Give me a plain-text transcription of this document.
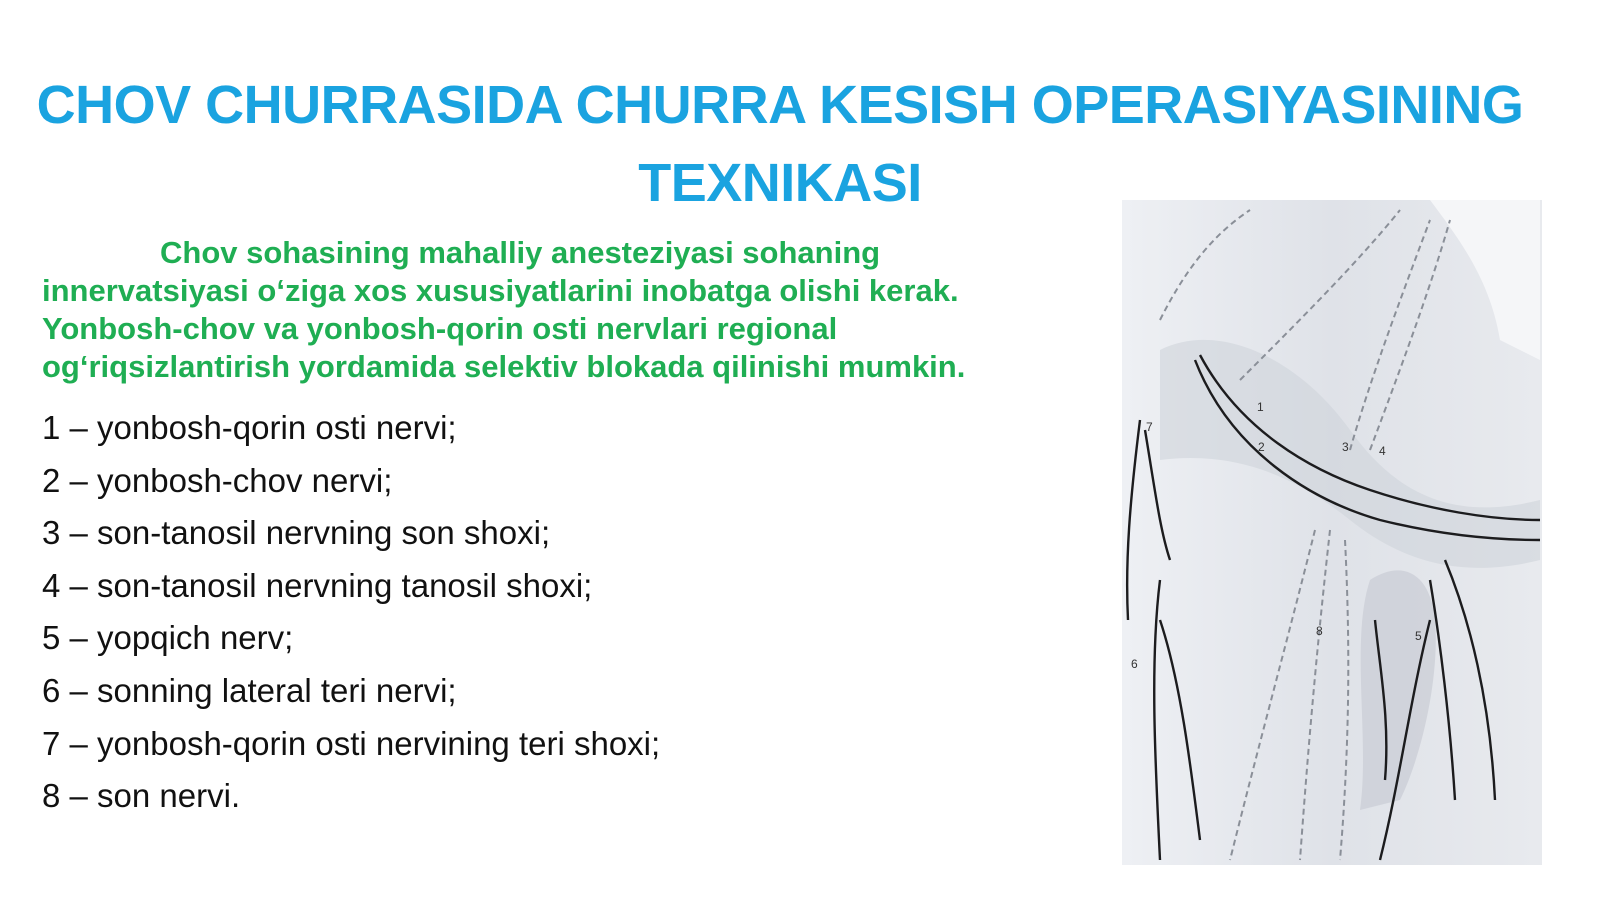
CHOV CHURRASIDA CHURRA KESISH OPERASIYASINING TEXNIKASI

Chov sohasining mahalliy anesteziyasi sohaning innervatsiyasi o‘ziga xos xususiyatlarini inobatga olishi kerak. Yonbosh-chov va yonbosh-qorin osti nervlari regional og‘riqsizlantirish yordamida selektiv blokada qilinishi mumkin.

1 – yonbosh-qorin osti nervi;
2 – yonbosh-chov nervi;
3 – son-tanosil nervning son shoxi;
4 – son-tanosil nervning tanosil shoxi;
5 – yopqich nerv;
6 – sonning lateral teri nervi;
7 – yonbosh-qorin osti nervining teri shoxi;
8 – son nervi.
1
2	3	4
5
6
7
8
